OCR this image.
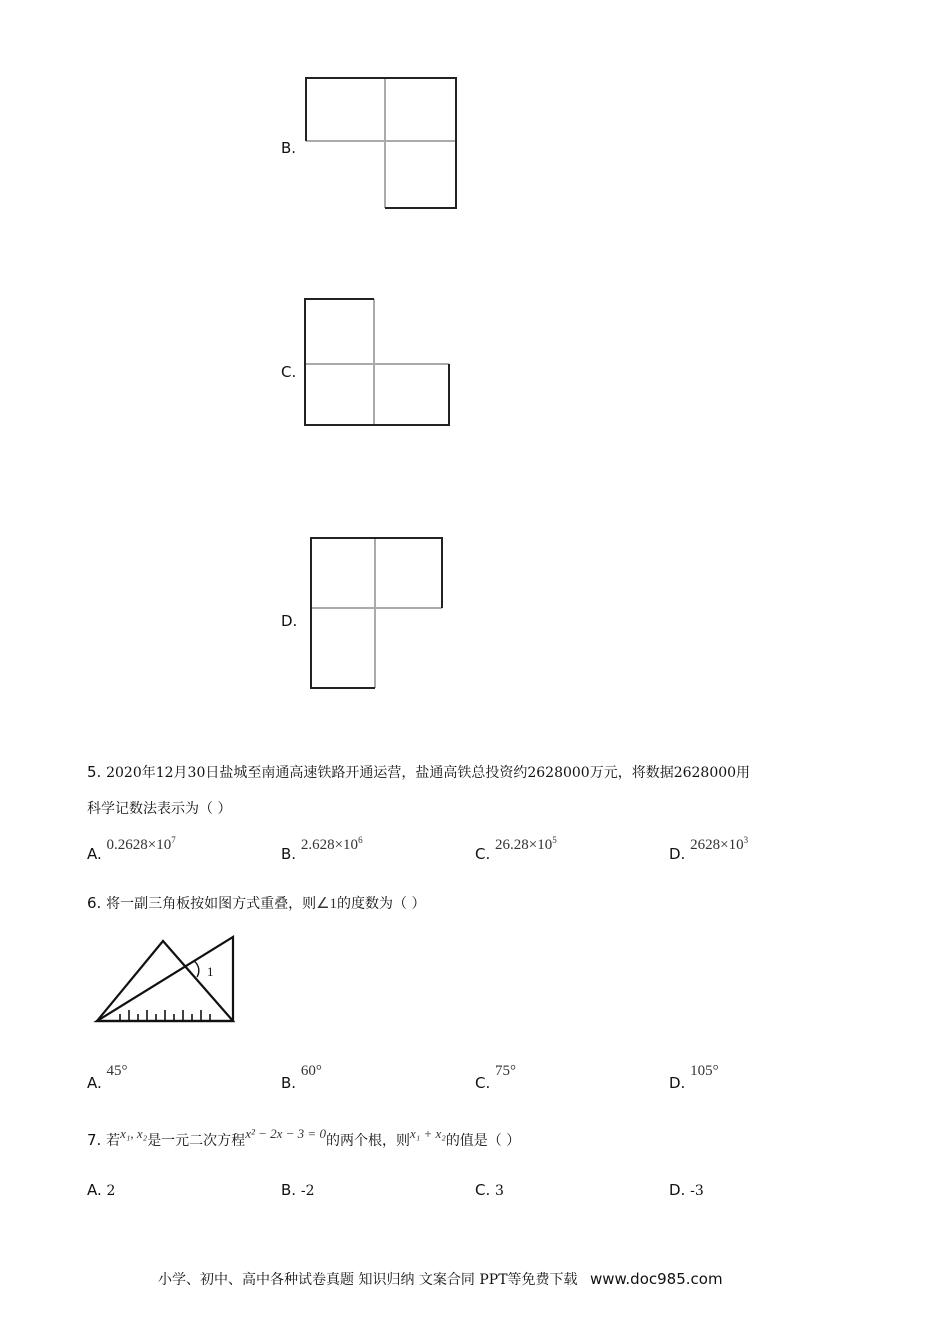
B.
C.
D.
5. 2020年12月30日盐城至南通高速铁路开通运营，盐通高铁总投资约2628000万元，将数据2628000用
科学记数法表示为（ ）
A. $0.2628\times 10^7$
B. $2.628\times 10^6$
C. $26.28\times 10^5$
D. $2628\times 10^3$
6. 将一副三角板按如图方式重叠，则∠1的度数为（ ）
1
A. 45°
B. 60°
C. 75°
D. 105°
7. 若x₁, x₂是一元二次方程x² − 2x − 3 = 0的两个根，则x₁ + x₂的值是（ ）
A. 2	B. -2	C. 3	D. -3
小学、初中、高中各种试卷真题 知识归纳 文案合同 PPT等免费下载 www.doc985.com
